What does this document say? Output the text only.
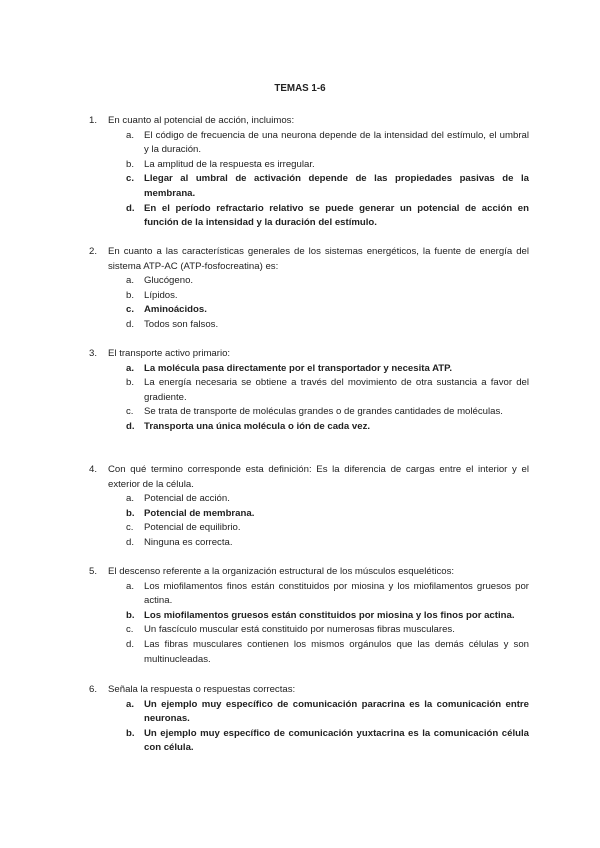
TEMAS 1-6
1. En cuanto al potencial de acción, incluimos:
a. El código de frecuencia de una neurona depende de la intensidad del estímulo, el umbral y la duración.
b. La amplitud de la respuesta es irregular.
c. Llegar al umbral de activación depende de las propiedades pasivas de la membrana.
d. En el período refractario relativo se puede generar un potencial de acción en función de la intensidad y la duración del estímulo.
2. En cuanto a las características generales de los sistemas energéticos, la fuente de energía del sistema ATP-AC (ATP-fosfocreatina) es:
a. Glucógeno.
b. Lípidos.
c. Aminoácidos.
d. Todos son falsos.
3. El transporte activo primario:
a. La molécula pasa directamente por el transportador y necesita ATP.
b. La energía necesaria se obtiene a través del movimiento de otra sustancia a favor del gradiente.
c. Se trata de transporte de moléculas grandes o de grandes cantidades de moléculas.
d. Transporta una única molécula o ión de cada vez.
4. Con qué termino corresponde esta definición: Es la diferencia de cargas entre el interior y el exterior de la célula.
a. Potencial de acción.
b. Potencial de membrana.
c. Potencial de equilibrio.
d. Ninguna es correcta.
5. El descenso referente a la organización estructural de los músculos esqueléticos:
a. Los miofilamentos finos están constituidos por miosina y los miofilamentos gruesos por actina.
b. Los miofilamentos gruesos están constituidos por miosina y los finos por actina.
c. Un fascículo muscular está constituido por numerosas fibras musculares.
d. Las fibras musculares contienen los mismos orgánulos que las demás células y son multinucleadas.
6. Señala la respuesta o respuestas correctas:
a. Un ejemplo muy específico de comunicación paracrina es la comunicación entre neuronas.
b. Un ejemplo muy específico de comunicación yuxtacrina es la comunicación célula con célula.
